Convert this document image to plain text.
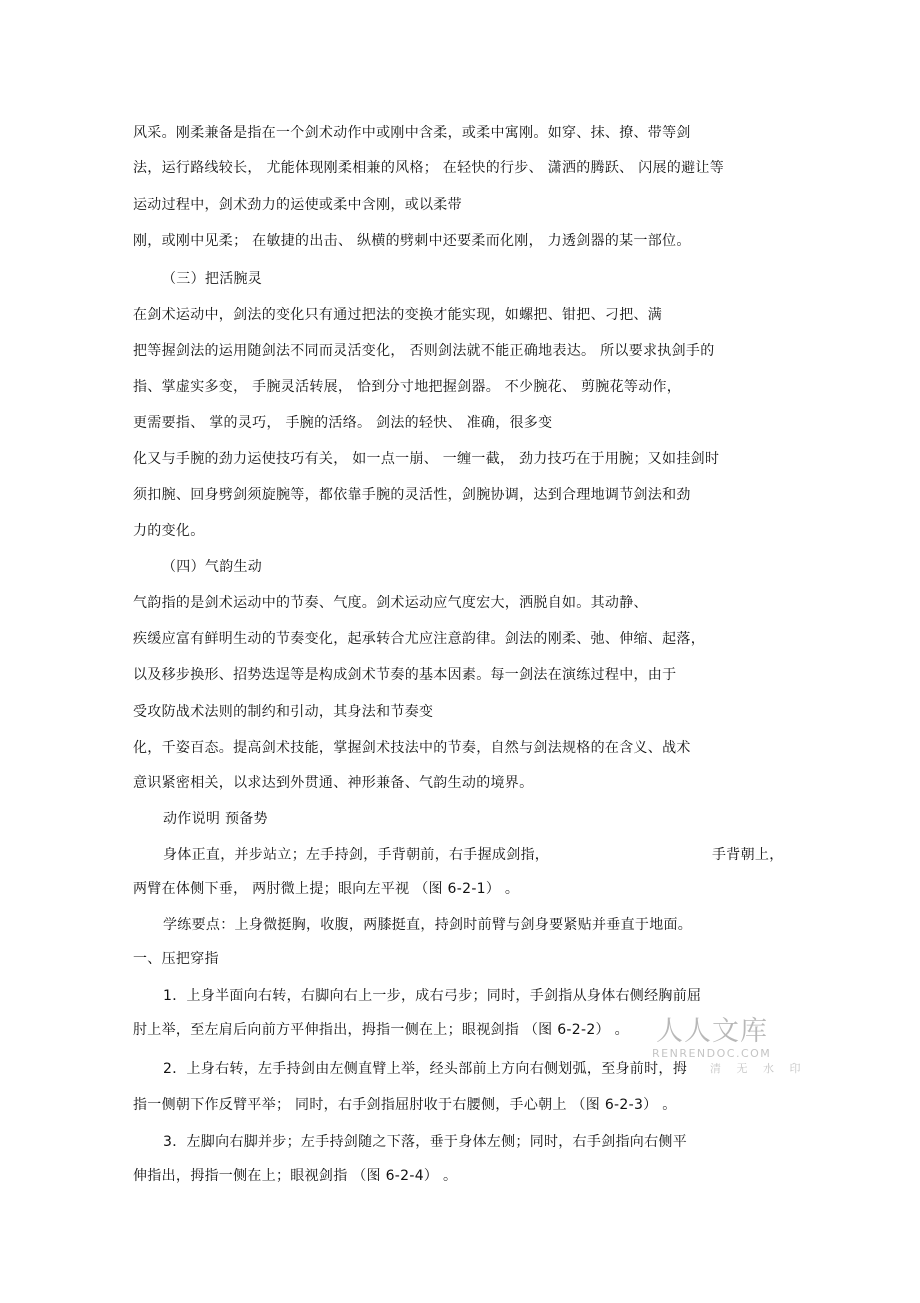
风采。刚柔兼备是指在一个剑术动作中或刚中含柔，或柔中寓刚。如穿、抹、撩、带等剑
法，运行路线较长， 尤能体现刚柔相兼的风格； 在轻快的行步、 潇洒的腾跃、 闪展的避让等
运动过程中，剑术劲力的运使或柔中含刚，或以柔带
刚，或刚中见柔； 在敏捷的出击、 纵横的劈刺中还要柔而化刚， 力透剑器的某一部位。
（三）把活腕灵
在剑术运动中，剑法的变化只有通过把法的变换才能实现，如螺把、钳把、刁把、满
把等握剑法的运用随剑法不同而灵活变化， 否则剑法就不能正确地表达。 所以要求执剑手的
指、掌虚实多变， 手腕灵活转展， 恰到分寸地把握剑器。 不少腕花、 剪腕花等动作，
更需要指、 掌的灵巧， 手腕的活络。 剑法的轻快、 准确，很多变
化又与手腕的劲力运使技巧有关， 如一点一崩、 一缠一截， 劲力技巧在于用腕；又如挂剑时
须扣腕、回身劈剑须旋腕等，都依靠手腕的灵活性，剑腕协调，达到合理地调节剑法和劲
力的变化。
（四）气韵生动
气韵指的是剑术运动中的节奏、气度。剑术运动应气度宏大，洒脱自如。其动静、
疾缓应富有鲜明生动的节奏变化，起承转合尤应注意韵律。剑法的刚柔、弛、伸缩、起落，
以及移步换形、招势迭逞等是构成剑术节奏的基本因素。每一剑法在演练过程中，由于
受攻防战术法则的制约和引动，其身法和节奏变
化，千姿百态。提高剑术技能，掌握剑术技法中的节奏，自然与剑法规格的在含义、战术
意识紧密相关，以求达到外贯通、神形兼备、气韵生动的境界。
动作说明 预备势
身体正直，并步站立；左手持剑，手背朝前，右手握成剑指，	手背朝上，
两臂在体侧下垂， 两肘微上提；眼向左平视 （图 6-2-1） 。
学练要点：上身微挺胸，收腹，两膝挺直，持剑时前臂与剑身要紧贴并垂直于地面。
一、压把穿指
1．上身半面向右转，右脚向右上一步，成右弓步；同时，手剑指从身体右侧经胸前屈
肘上举，至左肩后向前方平伸指出，拇指一侧在上；眼视剑指 （图 6-2-2） 。
2．上身右转，左手持剑由左侧直臂上举，经头部前上方向右侧划弧，至身前时，拇
指一侧朝下作反臂平举； 同时，右手剑指屈肘收于右腰侧，手心朝上 （图 6-2-3） 。
3．左脚向右脚并步；左手持剑随之下落，垂于身体左侧；同时，右手剑指向右侧平
伸指出，拇指一侧在上；眼视剑指 （图 6-2-4） 。
人人文库
RENRENDOC.COM
清 无 水 印
